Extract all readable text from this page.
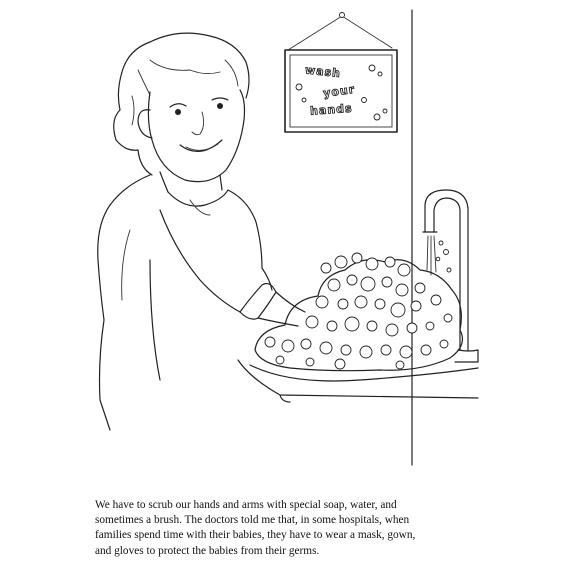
wash
your
hands
We have to scrub our hands and arms with special soap, water, and
sometimes a brush. The doctors told me that, in some hospitals, when
families spend time with their babies, they have to wear a mask, gown,
and gloves to protect the babies from their germs.
